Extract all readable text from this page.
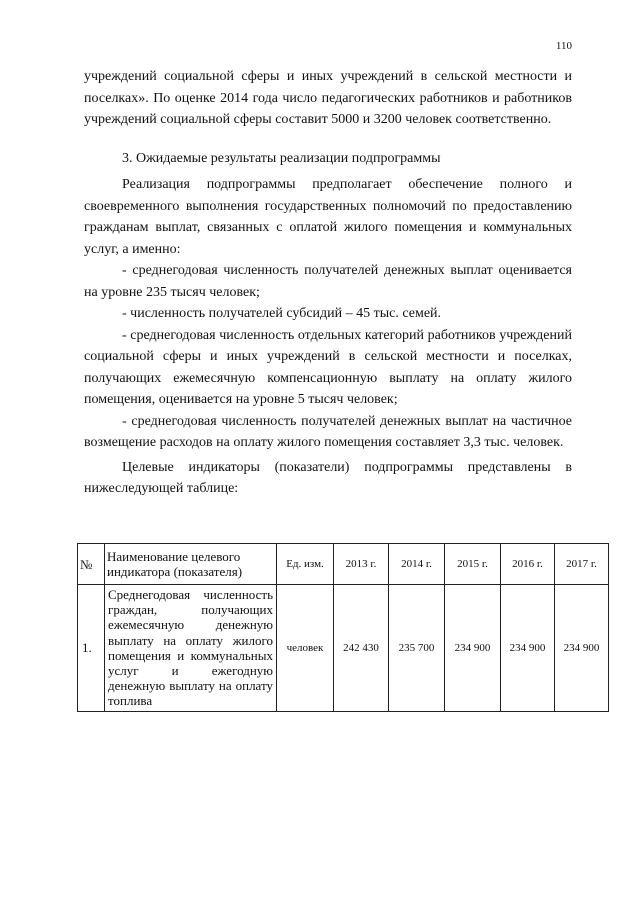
110

учреждений социальной сферы и иных учреждений в сельской местности и поселках». По оценке 2014 года число педагогических работников и работников учреждений социальной сферы составит 5000 и 3200 человек соответственно.

3. Ожидаемые результаты реализации подпрограммы

Реализация подпрограммы предполагает обеспечение полного и своевременного выполнения государственных полномочий по предоставлению гражданам выплат, связанных с оплатой жилого помещения и коммунальных услуг, а именно:

- среднегодовая численность получателей денежных выплат оценивается на уровне 235 тысяч человек;

- численность получателей субсидий – 45 тыс. семей.

- среднегодовая численность отдельных категорий работников учреждений социальной сферы и иных учреждений в сельской местности и поселках, получающих ежемесячную компенсационную выплату на оплату жилого помещения, оценивается на уровне 5 тысяч человек;

- среднегодовая численность получателей денежных выплат на частичное возмещение расходов на оплату жилого помещения составляет 3,3 тыс. человек.

Целевые индикаторы (показатели) подпрограммы представлены в нижеследующей таблице:

№	Наименование целевого индикатора (показателя)	Ед. изм.	2013 г.	2014 г.	2015 г.	2016 г.	2017 г.
1.	Среднегодовая численность граждан, получающих ежемесячную денежную выплату на оплату жилого помещения и коммунальных услуг и ежегодную денежную выплату на оплату топлива	человек	242 430	235 700	234 900	234 900	234 900
